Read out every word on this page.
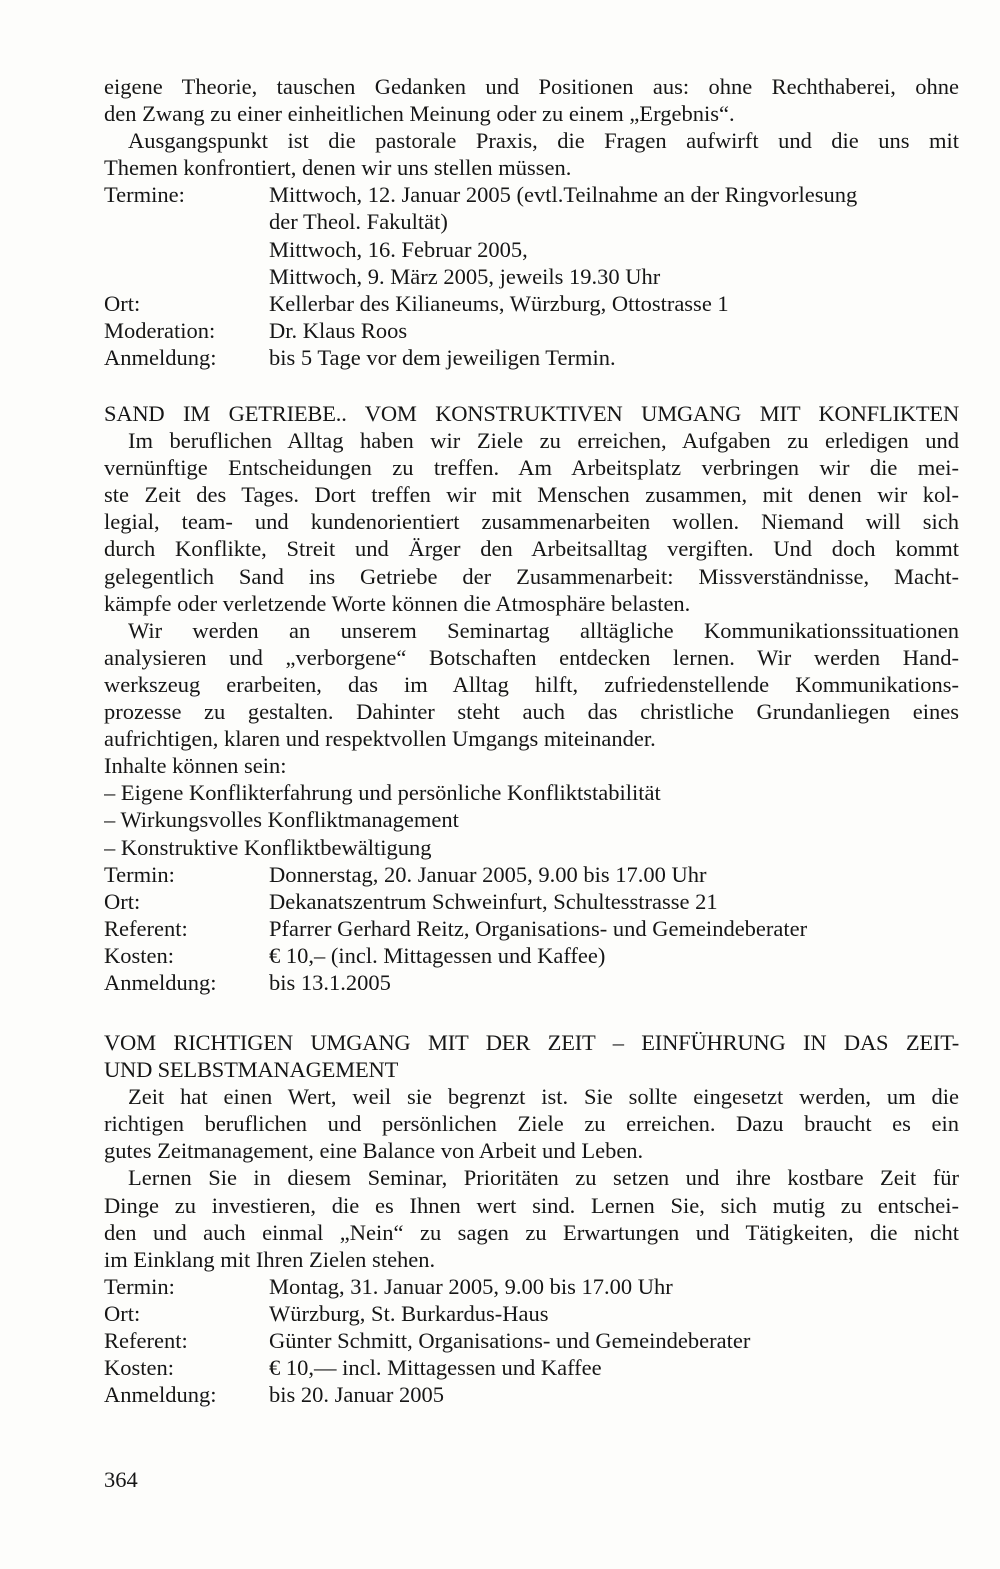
eigene Theorie, tauschen Gedanken und Positionen aus: ohne Rechthaberei, ohne
den Zwang zu einer einheitlichen Meinung oder zu einem „Ergebnis“.
Ausgangspunkt ist die pastorale Praxis, die Fragen aufwirft und die uns mit
Themen konfrontiert, denen wir uns stellen müssen.
Termine:	Mittwoch, 12. Januar 2005 (evtl.Teilnahme an der Ringvorlesung
der Theol. Fakultät)
Mittwoch, 16. Februar 2005,
Mittwoch, 9. März 2005, jeweils 19.30 Uhr
Ort:	Kellerbar des Kilianeums, Würzburg, Ottostrasse 1
Moderation:	Dr. Klaus Roos
Anmeldung:	bis 5 Tage vor dem jeweiligen Termin.
SAND IM GETRIEBE.. VOM KONSTRUKTIVEN UMGANG MIT KONFLIKTEN
Im beruflichen Alltag haben wir Ziele zu erreichen, Aufgaben zu erledigen und
vernünftige Entscheidungen zu treffen. Am Arbeitsplatz verbringen wir die mei-
ste Zeit des Tages. Dort treffen wir mit Menschen zusammen, mit denen wir kol-
legial, team- und kundenorientiert zusammenarbeiten wollen. Niemand will sich
durch Konflikte, Streit und Ärger den Arbeitsalltag vergiften. Und doch kommt
gelegentlich Sand ins Getriebe der Zusammenarbeit: Missverständnisse, Macht-
kämpfe oder verletzende Worte können die Atmosphäre belasten.
Wir werden an unserem Seminartag alltägliche Kommunikationssituationen
analysieren und „verborgene“ Botschaften entdecken lernen. Wir werden Hand-
werkszeug erarbeiten, das im Alltag hilft, zufriedenstellende Kommunikations-
prozesse zu gestalten. Dahinter steht auch das christliche Grundanliegen eines
aufrichtigen, klaren und respektvollen Umgangs miteinander.
Inhalte können sein:
– Eigene Konflikterfahrung und persönliche Konfliktstabilität
– Wirkungsvolles Konfliktmanagement
– Konstruktive Konfliktbewältigung
Termin:	Donnerstag, 20. Januar 2005, 9.00 bis 17.00 Uhr
Ort:	Dekanatszentrum Schweinfurt, Schultesstrasse 21
Referent:	Pfarrer Gerhard Reitz, Organisations- und Gemeindeberater
Kosten:	€ 10,– (incl. Mittagessen und Kaffee)
Anmeldung:	bis 13.1.2005
VOM RICHTIGEN UMGANG MIT DER ZEIT – EINFÜHRUNG IN DAS ZEIT-
UND SELBSTMANAGEMENT
Zeit hat einen Wert, weil sie begrenzt ist. Sie sollte eingesetzt werden, um die
richtigen beruflichen und persönlichen Ziele zu erreichen. Dazu braucht es ein
gutes Zeitmanagement, eine Balance von Arbeit und Leben.
Lernen Sie in diesem Seminar, Prioritäten zu setzen und ihre kostbare Zeit für
Dinge zu investieren, die es Ihnen wert sind. Lernen Sie, sich mutig zu entschei-
den und auch einmal „Nein“ zu sagen zu Erwartungen und Tätigkeiten, die nicht
im Einklang mit Ihren Zielen stehen.
Termin:	Montag, 31. Januar 2005, 9.00 bis 17.00 Uhr
Ort:	Würzburg, St. Burkardus-Haus
Referent:	Günter Schmitt, Organisations- und Gemeindeberater
Kosten:	€ 10,— incl. Mittagessen und Kaffee
Anmeldung:	bis 20. Januar 2005
364
